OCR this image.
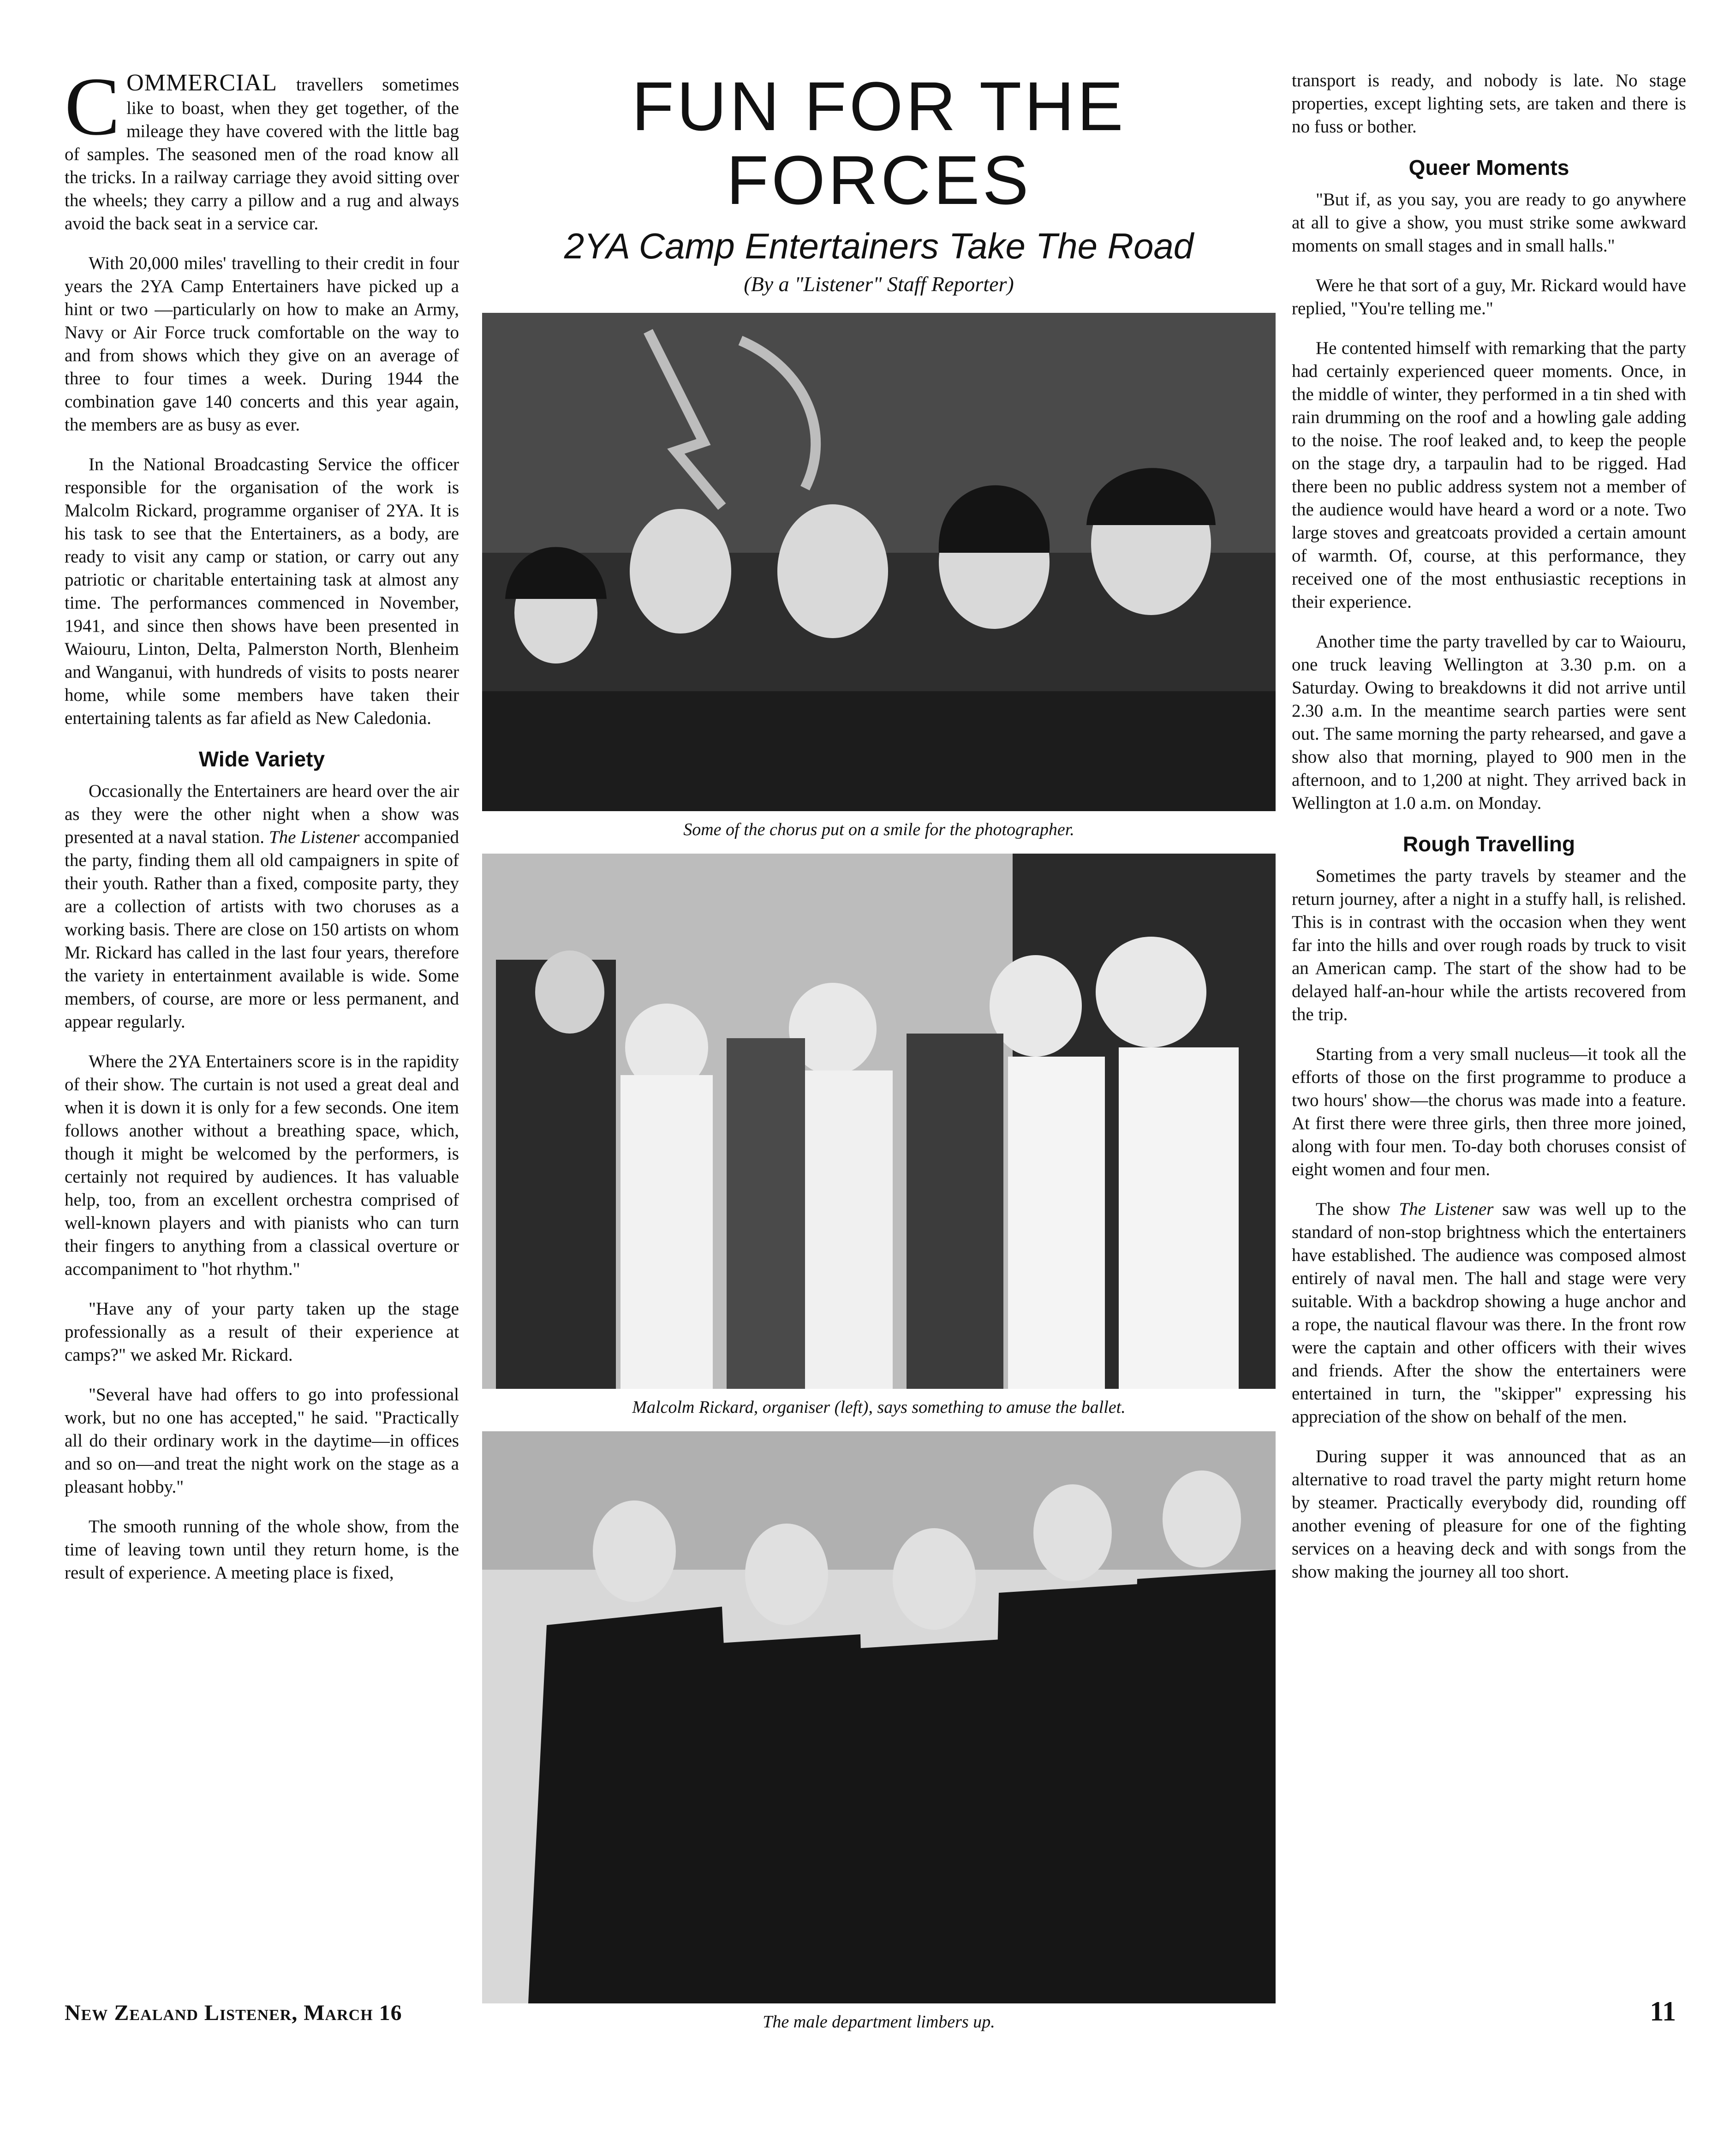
C OMMERCIAL travellers sometimes like to boast, when they get together, of the mileage they have covered with the little bag of samples. The seasoned men of the road know all the tricks. In a railway carriage they avoid sitting over the wheels; they carry a pillow and a rug and always avoid the back seat in a service car.

With 20,000 miles' travelling to their credit in four years the 2YA Camp Entertainers have picked up a hint or two —particularly on how to make an Army, Navy or Air Force truck comfortable on the way to and from shows which they give on an average of three to four times a week. During 1944 the combination gave 140 concerts and this year again, the members are as busy as ever.

In the National Broadcasting Service the officer responsible for the organisation of the work is Malcolm Rickard, programme organiser of 2YA. It is his task to see that the Entertainers, as a body, are ready to visit any camp or station, or carry out any patriotic or charitable entertaining task at almost any time. The performances commenced in November, 1941, and since then shows have been presented in Waiouru, Linton, Delta, Palmerston North, Blenheim and Wanganui, with hundreds of visits to posts nearer home, while some members have taken their entertaining talents as far afield as New Caledonia.

Wide Variety

Occasionally the Entertainers are heard over the air as they were the other night when a show was presented at a naval station. The Listener accompanied the party, finding them all old campaigners in spite of their youth. Rather than a fixed, composite party, they are a collection of artists with two choruses as a working basis. There are close on 150 artists on whom Mr. Rickard has called in the last four years, therefore the variety in entertainment available is wide. Some members, of course, are more or less permanent, and appear regularly.

Where the 2YA Entertainers score is in the rapidity of their show. The curtain is not used a great deal and when it is down it is only for a few seconds. One item follows another without a breathing space, which, though it might be welcomed by the performers, is certainly not required by audiences. It has valuable help, too, from an excellent orchestra comprised of well-known players and with pianists who can turn their fingers to anything from a classical overture or accompaniment to "hot rhythm."

"Have any of your party taken up the stage professionally as a result of their experience at camps?" we asked Mr. Rickard.

"Several have had offers to go into professional work, but no one has accepted," he said. "Practically all do their ordinary work in the daytime—in offices and so on—and treat the night work on the stage as a pleasant hobby."

The smooth running of the whole show, from the time of leaving town until they return home, is the result of experience. A meeting place is fixed,

FUN FOR THE FORCES
2YA Camp Entertainers Take The Road
(By a "Listener" Staff Reporter)
Some of the chorus put on a smile for the photographer.
Malcolm Rickard, organiser (left), says something to amuse the ballet.
The male department limbers up.

transport is ready, and nobody is late. No stage properties, except lighting sets, are taken and there is no fuss or bother.

Queer Moments

"But if, as you say, you are ready to go anywhere at all to give a show, you must strike some awkward moments on small stages and in small halls."

Were he that sort of a guy, Mr. Rickard would have replied, "You're telling me."

He contented himself with remarking that the party had certainly experienced queer moments. Once, in the middle of winter, they performed in a tin shed with rain drumming on the roof and a howling gale adding to the noise. The roof leaked and, to keep the people on the stage dry, a tarpaulin had to be rigged. Had there been no public address system not a member of the audience would have heard a word or a note. Two large stoves and greatcoats provided a certain amount of warmth. Of, course, at this performance, they received one of the most enthusiastic receptions in their experience.

Another time the party travelled by car to Waiouru, one truck leaving Wellington at 3.30 p.m. on a Saturday. Owing to breakdowns it did not arrive until 2.30 a.m. In the meantime search parties were sent out. The same morning the party rehearsed, and gave a show also that morning, played to 900 men in the afternoon, and to 1,200 at night. They arrived back in Wellington at 1.0 a.m. on Monday.

Rough Travelling

Sometimes the party travels by steamer and the return journey, after a night in a stuffy hall, is relished. This is in contrast with the occasion when they went far into the hills and over rough roads by truck to visit an American camp. The start of the show had to be delayed half-an-hour while the artists recovered from the trip.

Starting from a very small nucleus—it took all the efforts of those on the first programme to produce a two hours' show—the chorus was made into a feature. At first there were three girls, then three more joined, along with four men. To-day both choruses consist of eight women and four men.

The show The Listener saw was well up to the standard of non-stop brightness which the entertainers have established. The audience was composed almost entirely of naval men. The hall and stage were very suitable. With a backdrop showing a huge anchor and a rope, the nautical flavour was there. In the front row were the captain and other officers with their wives and friends. After the show the entertainers were entertained in turn, the "skipper" expressing his appreciation of the show on behalf of the men.

During supper it was announced that as an alternative to road travel the party might return home by steamer. Practically everybody did, rounding off another evening of pleasure for one of the fighting services on a heaving deck and with songs from the show making the journey all too short.

New Zealand Listener, March 16	11
